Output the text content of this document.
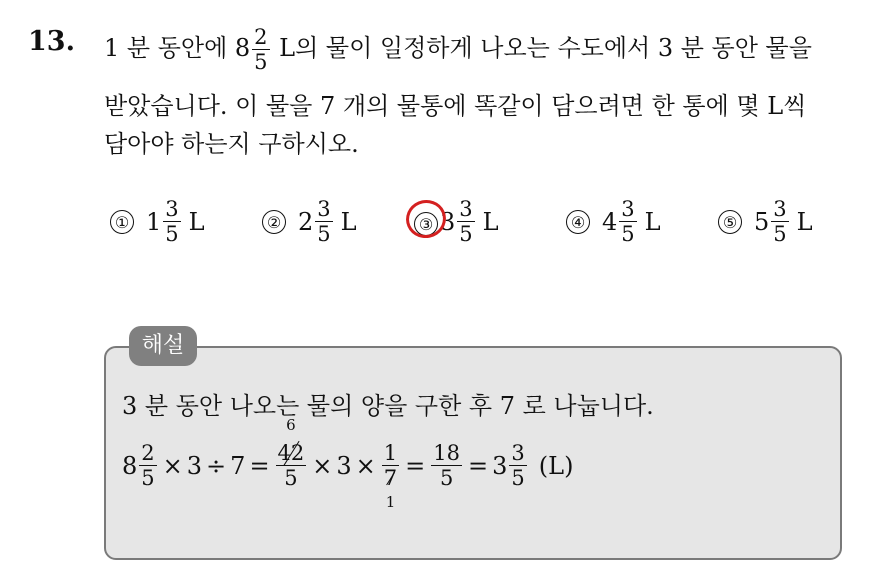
13. 1 분 동안에 $8 \frac{2}{5}$ L의 물이 일정하게 나오는 수도에서 3 분 동안 물을
받았습니다. 이 물을 7 개의 물통에 똑같이 담으려면 한 통에 몇 L씩
담아야 하는지 구하시오.
① $1 \frac{3}{5}$ L	② $2 \frac{3}{5}$ L	③ $3 \frac{3}{5}$ L	④ $4 \frac{3}{5}$ L	⑤ $5 \frac{3}{5}$ L
해설
3 분 동안 나오는 물의 양을 구한 후 7 로 나눕니다.
$8 \frac{2}{5} \times 3 \div 7$ =
6
42
5 × 3 × 1
7
1
= $\frac{18}{5} = 3 \frac{3}{5} (L)$
